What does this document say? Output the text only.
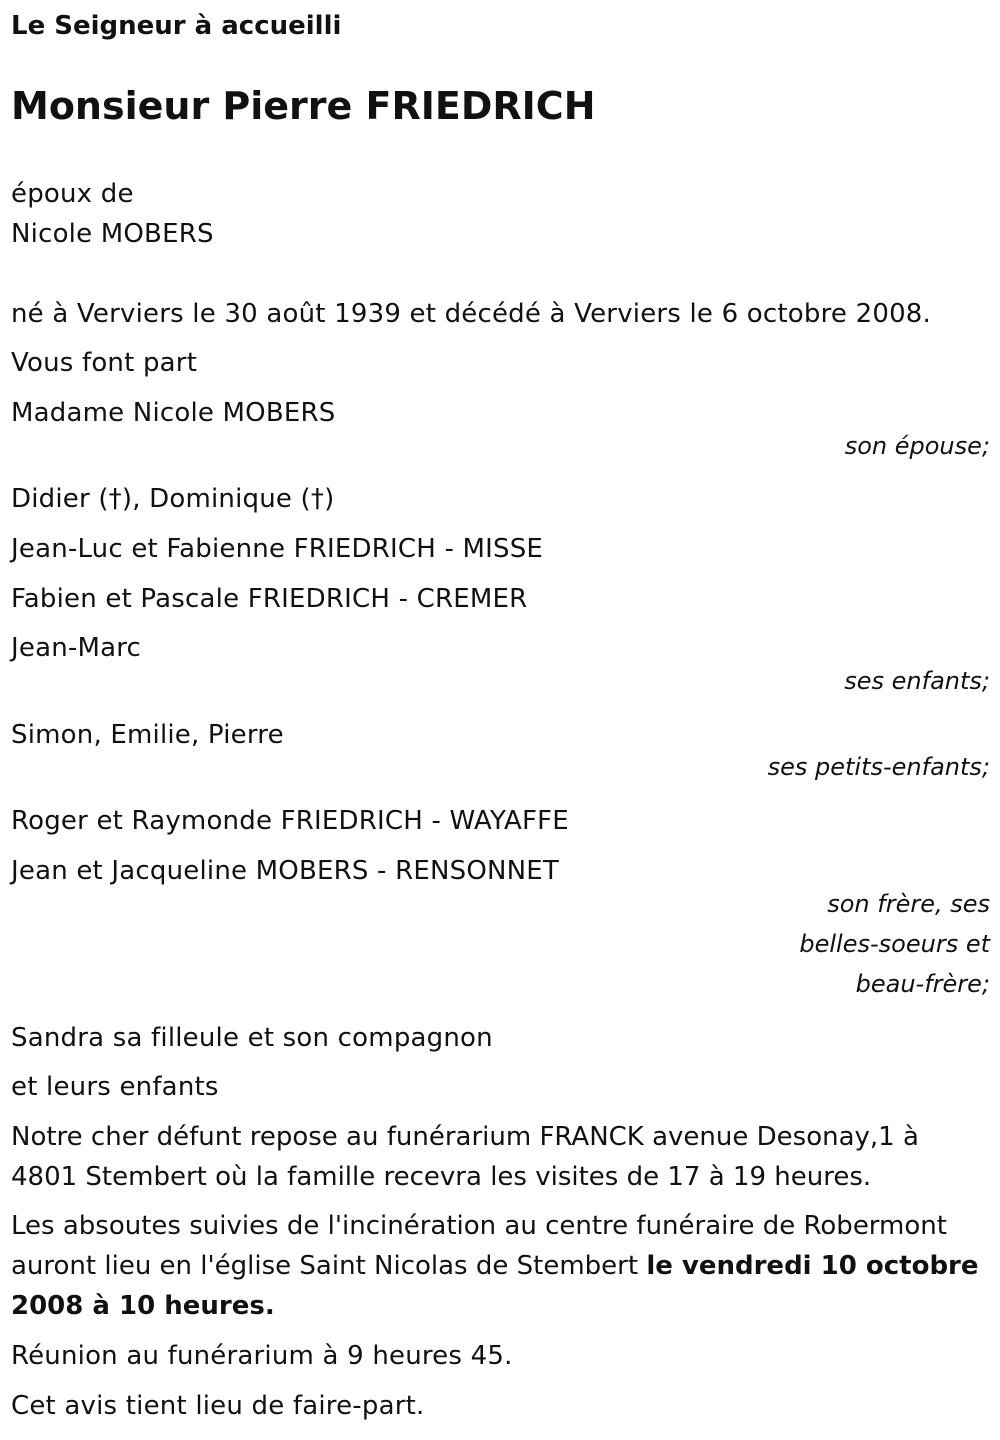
Le Seigneur à accueilli
Monsieur Pierre FRIEDRICH
époux de
Nicole MOBERS
né à Verviers le 30 août 1939 et décédé à Verviers le 6 octobre 2008.
Vous font part
Madame Nicole MOBERS
son épouse;
Didier (†), Dominique (†)
Jean-Luc et Fabienne FRIEDRICH - MISSE
Fabien et Pascale FRIEDRICH - CREMER
Jean-Marc
ses enfants;
Simon, Emilie, Pierre
ses petits-enfants;
Roger et Raymonde FRIEDRICH - WAYAFFE
Jean et Jacqueline MOBERS - RENSONNET
son frère, ses
belles-soeurs et
beau-frère;
Sandra sa filleule et son compagnon
et leurs enfants
Notre cher défunt repose au funérarium FRANCK avenue Desonay,1 à 4801 Stembert où la famille recevra les visites de 17 à 19 heures.
Les absoutes suivies de l'incinération au centre funéraire de Robermont auront lieu en l'église Saint Nicolas de Stembert le vendredi 10 octobre 2008 à 10 heures.
Réunion au funérarium à 9 heures 45.
Cet avis tient lieu de faire-part.
